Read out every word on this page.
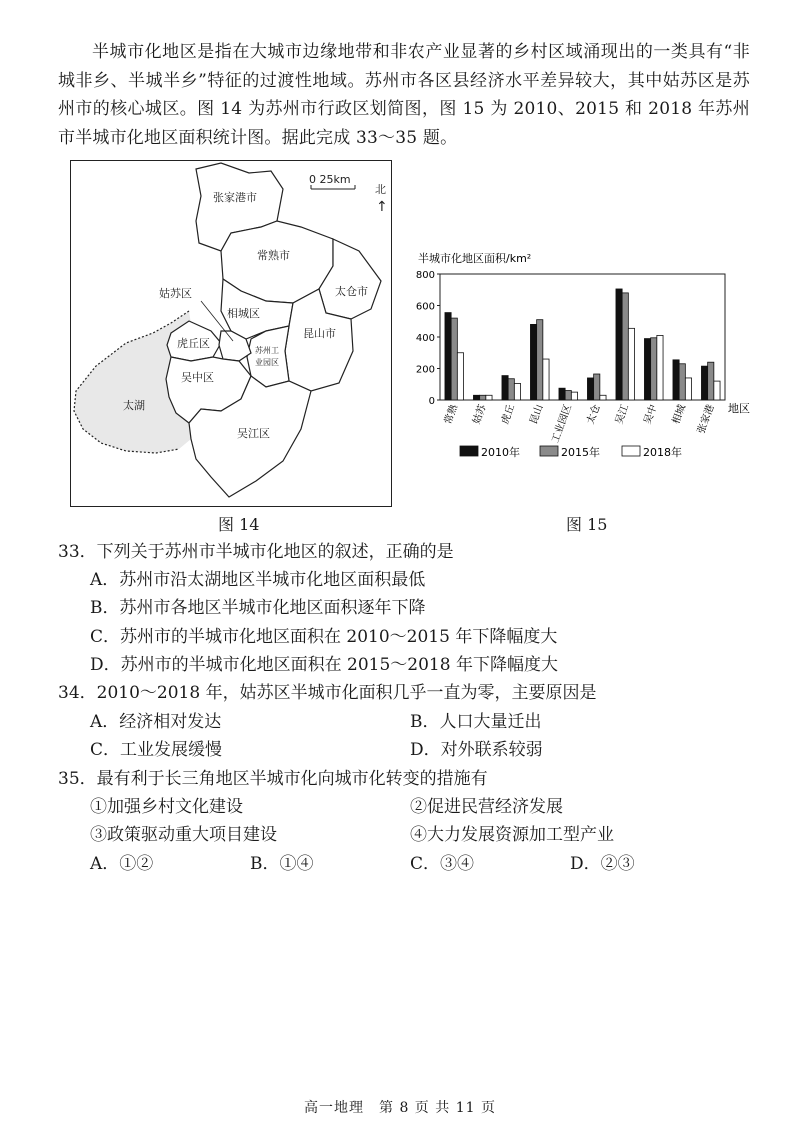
半城市化地区是指在大城市边缘地带和非农产业显著的乡村区域涌现出的一类具有“非城非乡、半城半乡”特征的过渡性地域。苏州市各区县经济水平差异较大，其中姑苏区是苏州市的核心城区。图 14 为苏州市行政区划简图，图 15 为 2010、2015 和 2018 年苏州市半城市化地区面积统计图。据此完成 33～35 题。
0 25km
北
↑
张家港市
常熟市
太仓市
姑苏区
相城区
昆山市
苏州工
业园区
虎丘区
吴中区
太湖
吴江区
半城市化地区面积/km²
地区
0
200
400
600
800
常熟 姑苏 虎丘 昆山 工业园区 太仓 吴江 吴中 相城 张家港
2010年	2015年	2018年
图 14	图 15
33．下列关于苏州市半城市化地区的叙述，正确的是
A．苏州市沿太湖地区半城市化地区面积最低
B．苏州市各地区半城市化地区面积逐年下降
C．苏州市的半城市化地区面积在 2010～2015 年下降幅度大
D．苏州市的半城市化地区面积在 2015～2018 年下降幅度大
34．2010～2018 年，姑苏区半城市化面积几乎一直为零，主要原因是
A．经济相对发达	B．人口大量迁出
C．工业发展缓慢	D．对外联系较弱
35．最有利于长三角地区半城市化向城市化转变的措施有
①加强乡村文化建设	②促进民营经济发展
③政策驱动重大项目建设	④大力发展资源加工型产业
A．①②	B．①④	C．③④	D．②③
高一地理　第 8 页 共 11 页
